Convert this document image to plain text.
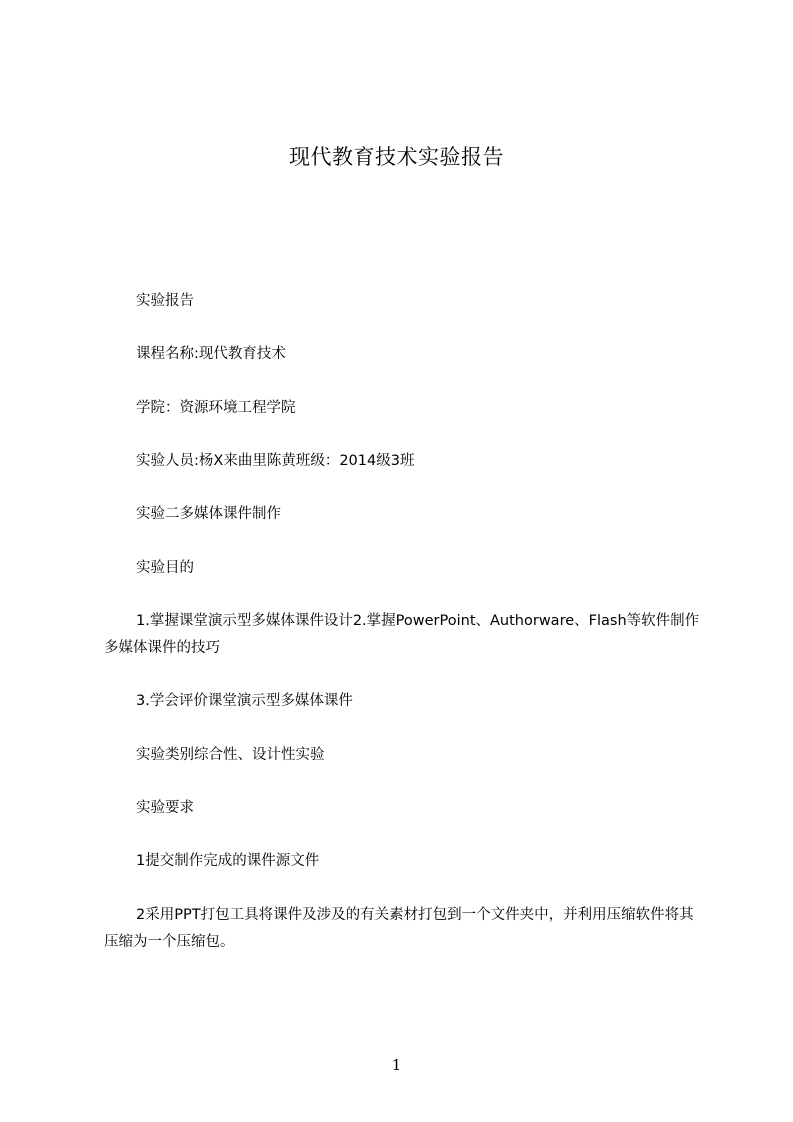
现代教育技术实验报告
实验报告
课程名称:现代教育技术
学院：资源环境工程学院
实验人员:杨X来曲里陈黄班级：2014级3班
实验二多媒体课件制作
实验目的
1.掌握课堂演示型多媒体课件设计2.掌握PowerPoint、Authorware、Flash等软件制作多媒体课件的技巧
3.学会评价课堂演示型多媒体课件
实验类别综合性、设计性实验
实验要求
1提交制作完成的课件源文件
2采用PPT打包工具将课件及涉及的有关素材打包到一个文件夹中，并利用压缩软件将其压缩为一个压缩包。
1
